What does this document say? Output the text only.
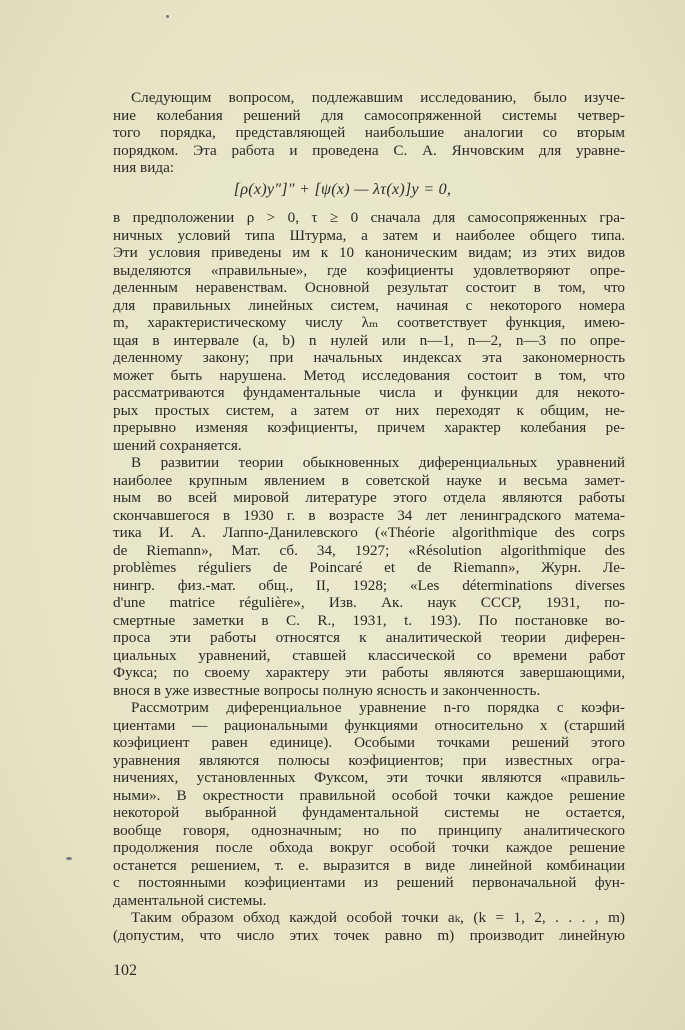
Следующим вопросом, подлежавшим исследованию, было изуче-
ние колебания решений для самосопряженной системы четвер-
того порядка, представляющей наибольшие аналогии со вторым
порядком. Эта работа и проведена С. А. Янчовским для уравне-
ния вида:
[ρ(x)y″]″ + [ψ(x) — λτ(x)]y = 0,
в предположении ρ > 0, τ ≥ 0 сначала для самосопряженных гра-
ничных условий типа Штурма, а затем и наиболее общего типа.
Эти условия приведены им к 10 каноническим видам; из этих видов
выделяются «правильные», где коэфициенты удовлетворяют опре-
деленным неравенствам. Основной результат состоит в том, что
для правильных линейных систем, начиная с некоторого номера
m, характеристическому числу λₘ соответствует функция, имею-
щая в интервале (a, b) n нулей или n—1, n—2, n—3 по опре-
деленному закону; при начальных индексах эта закономерность
может быть нарушена. Метод исследования состоит в том, что
рассматриваются фундаментальные числа и функции для некото-
рых простых систем, а затем от них переходят к общим, не-
прерывно изменяя коэфициенты, причем характер колебания ре-
шений сохраняется.
В развитии теории обыкновенных диференциальных уравнений
наиболее крупным явлением в советской науке и весьма замет-
ным во всей мировой литературе этого отдела являются работы
скончавшегося в 1930 г. в возрасте 34 лет ленинградского матема-
тика И. А. Лаппо-Данилевского («Théorie algorithmique des corps
de Riemann», Мат. сб. 34, 1927; «Résolution algorithmique des
problèmes réguliers de Poincaré et de Riemann», Журн. Ле-
нингр. физ.-мат. общ., II, 1928; «Les déterminations diverses
d'une matrice régulière», Изв. Ак. наук СССР, 1931, по-
смертные заметки в C. R., 1931, t. 193). По постановке во-
проса эти работы относятся к аналитической теории диферен-
циальных уравнений, ставшей классической со времени работ
Фукса; по своему характеру эти работы являются завершающими,
внося в уже известные вопросы полную ясность и законченность.
Рассмотрим диференциальное уравнение n-го порядка с коэфи-
циентами — рациональными функциями относительно x (старший
коэфициент равен единице). Особыми точками решений этого
уравнения являются полюсы коэфициентов; при известных огра-
ничениях, установленных Фуксом, эти точки являются «правиль-
ными». В окрестности правильной особой точки каждое решение
некоторой выбранной фундаментальной системы не остается,
вообще говоря, однозначным; но по принципу аналитического
продолжения после обхода вокруг особой точки каждое решение
останется решением, т. е. выразится в виде линейной комбинации
с постоянными коэфициентами из решений первоначальной фун-
даментальной системы.
Таким образом обход каждой особой точки aₖ, (k = 1, 2, . . . , m)
(допустим, что число этих точек равно m) производит линейную
102
